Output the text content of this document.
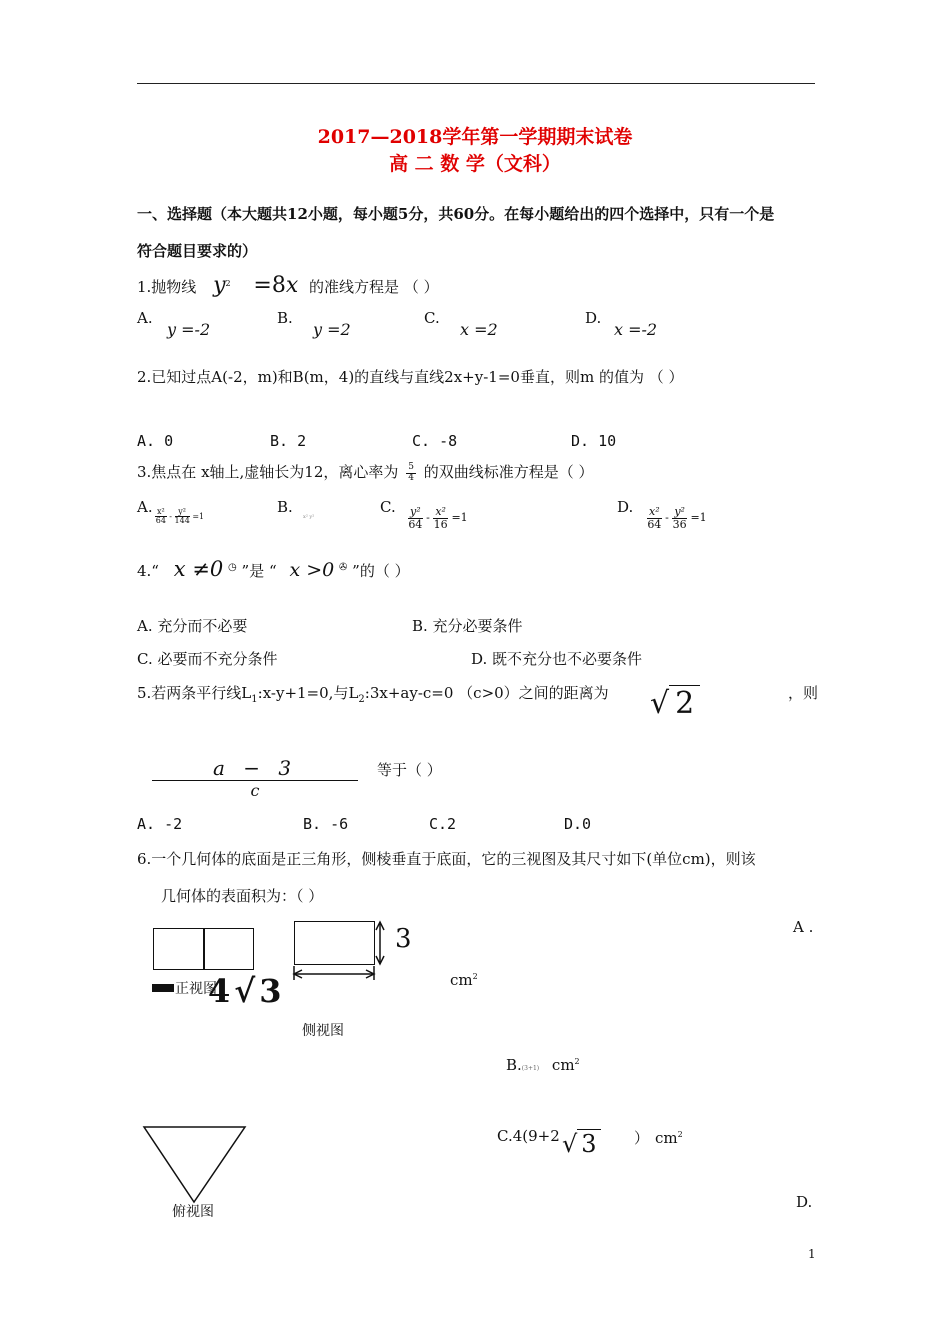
2017—2018学年第一学期期末试卷
高 二 数 学（文科）
一、选择题（本大题共12小题，每小题5分，共60分。在每小题给出的四个选择中，只有一个是
符合题目要求的）
1.抛物线 $y^2 =8x$ 的准线方程是 （ ）
A.
y =-2
B.
y =2
C.
x =2
D.
x =-2
2.已知过点A(-2，m)和B(m，4)的直线与直线2x+y-1=0垂直，则m 的值为 （ ）
A. 0	B. 2	C. -8	D. 10
3.焦点在 x轴上,虚轴长为12，离心率为 $\frac{5}{4}$ 的双曲线标准方程是（ ）
A.
$\frac{\text{x²}}{64} - \frac{\text{y²}}{144} =1$
B.
x² y²
C. $\frac{\text{y²}}{64} - \frac{\text{x²}}{16} =1$
D. $\frac{\text{x²}}{64} - \frac{\text{y²}}{36} =1$
4.“ x ≠0 ◷ ”是 “ x >0 ✇ ”的（ ）
A. 充分而不必要	B. 充分必要条件
C. 必要而不充分条件	D. 既不充分也不必要条件
5.若两条平行线$L_1:x-y+1=0$,与$L_2:3x+ay-c=0$ （c>0）之间的距离为 √ 2	，则
a − 3
c
等于（ ）
A. -2	B. -6	C.2	D.0
6.一个几何体的底面是正三角形，侧棱垂直于底面，它的三视图及其尺寸如下(单位cm)，则该
几何体的表面积为：（ ）
正视图
3
4√3
侧视图
俯视图
A .
$cm^2$
B.(3+1) $cm^2$
C.4(9+2 √ 3 ） $cm^2$
D.
1
